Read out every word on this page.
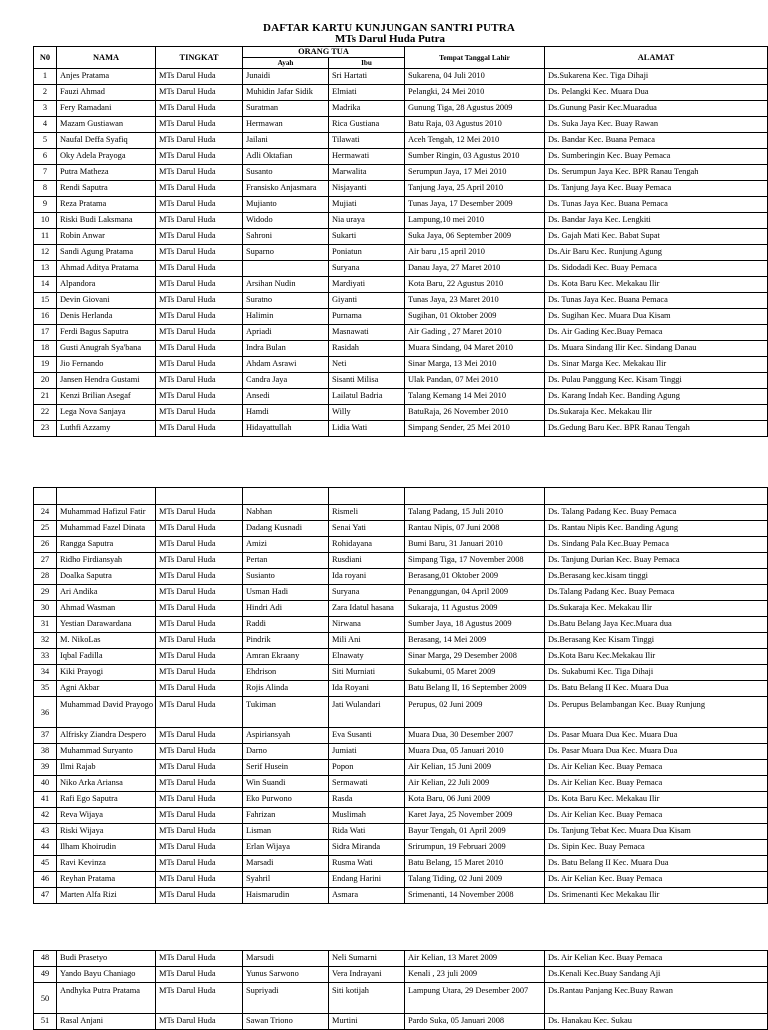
DAFTAR KARTU KUNJUNGAN SANTRI PUTRA
MTs Darul Huda Putra
N0	NAMA	TINGKAT	ORANG TUA		Tempat Tanggal Lahir	ALAMAT
			Ayah	Ibu		
1	Anjes Pratama	MTs Darul Huda	Junaidi	Sri Hartati	Sukarena, 04 Juli 2010	Ds.Sukarena Kec. Tiga Dihaji
2	Fauzi Ahmad	MTs Darul Huda	Muhidin Jafar Sidik	Elmiati	Pelangki, 24 Mei 2010	Ds. Pelangki Kec. Muara Dua
3	Fery Ramadani	MTs Darul Huda	Suratman	Madrika	Gunung Tiga, 28 Agustus 2009	Ds.Gunung Pasir Kec.Muaradua
4	Mazam Gustiawan	MTs Darul Huda	Hermawan	Rica Gustiana	Batu Raja, 03 Agustus 2010	Ds. Suka Jaya Kec. Buay Rawan
5	Naufal Deffa Syafiq	MTs Darul Huda	Jailani	Tilawati	Aceh Tengah, 12 Mei 2010	Ds. Bandar Kec. Buana Pemaca
6	Oky Adela Prayoga	MTs Darul Huda	Adli Oktafian	Hermawati	Sumber Ringin, 03 Agustus 2010	Ds. Sumberingin Kec. Buay Pemaca
7	Putra Matheza	MTs Darul Huda	Susanto	Marwalita	Serumpun Jaya, 17 Mei 2010	Ds. Serumpun Jaya Kec. BPR Ranau Tengah
8	Rendi Saputra	MTs Darul Huda	Fransisko Anjasmara	Nisjayanti	Tanjung Jaya, 25 April 2010	Ds. Tanjung Jaya Kec. Buay Pemaca
9	Reza Pratama	MTs Darul Huda	Mujianto	Mujiati	Tunas Jaya, 17 Desember 2009	Ds. Tunas Jaya Kec. Buana Pemaca
10	Riski Budi Laksmana	MTs Darul Huda	Widodo	Nia uraya	Lampung,10 mei 2010	Ds. Bandar Jaya Kec. Lengkiti
11	Robin Anwar	MTs Darul Huda	Sahroni	Sukarti	Suka Jaya, 06 September 2009	Ds. Gajah Mati Kec. Babat Supat
12	Sandi Agung Pratama	MTs Darul Huda	Suparno	Poniatun	Air baru ,15 april 2010	Ds.Air Baru Kec. Runjung Agung
13	Ahmad Aditya Pratama	MTs Darul Huda		Suryana	Danau Jaya, 27 Maret 2010	Ds. Sidodadi Kec. Buay Pemaca
14	Alpandora	MTs Darul Huda	Arsihan Nudin	Mardiyati	Kota Baru, 22 Agustus 2010	Ds. Kota Baru Kec. Mekakau Ilir
15	Devin Giovani	MTs Darul Huda	Suratno	Giyanti	Tunas Jaya, 23 Maret 2010	Ds. Tunas Jaya Kec. Buana Pemaca
16	Denis Herlanda	MTs Darul Huda	Halimin	Purnama	Sugihan, 01 Oktober 2009	Ds. Sugihan Kec. Muara Dua Kisam
17	Ferdi Bagus Saputra	MTs Darul Huda	Apriadi	Masnawati	Air Gading , 27 Maret 2010	Ds. Air Gading Kec.Buay Pemaca
18	Gusti Anugrah Sya'bana	MTs Darul Huda	Indra Bulan	Rasidah	Muara Sindang, 04 Maret 2010	Ds. Muara Sindang Ilir Kec. Sindang Danau
19	Jio Fernando	MTs Darul Huda	Ahdam Asrawi	Neti	Sinar Marga, 13 Mei 2010	Ds. Sinar Marga Kec. Mekakau Ilir
20	Jansen Hendra Gustami	MTs Darul Huda	Candra Jaya	Sisanti Milisa	Ulak Pandan, 07 Mei 2010	Ds. Pulau Panggung Kec. Kisam Tinggi
21	Kenzi Brilian Asegaf	MTs Darul Huda	Ansedi	Lailatul Badria	Talang Kemang 14 Mei 2010	Ds. Karang Indah Kec. Banding Agung
22	Lega Nova Sanjaya	MTs Darul Huda	Hamdi	Willy	BatuRaja, 26 November 2010	Ds.Sukaraja Kec. Mekakau Ilir
23	Luthfi Azzamy	MTs Darul Huda	Hidayattullah	Lidia Wati	Simpang Sender, 25 Mei 2010	Ds.Gedung Baru Kec. BPR Ranau Tengah

24	Muhammad Hafizul Fatir	MTs Darul Huda	Nabhan	Rismeli	Talang Padang, 15 Juli 2010	Ds. Talang Padang Kec. Buay Pemaca
25	Muhammad Fazel Dinata	MTs Darul Huda	Dadang Kusnadi	Senai Yati	Rantau Nipis, 07 Juni 2008	Ds. Rantau Nipis Kec. Banding Agung
26	Rangga Saputra	MTs Darul Huda	Amizi	Rohidayana	Bumi Baru, 31 Januari 2010	Ds. Sindang Pala Kec.Buay Pemaca
27	Ridho Firdiansyah	MTs Darul Huda	Pertan	Rusdiani	Simpang Tiga, 17 November 2008	Ds. Tanjung Durian Kec. Buay Pemaca
28	Doalka Saputra	MTs Darul Huda	Susianto	Ida royani	Berasang,01 Oktober 2009	Ds.Berasang kec.kisam tinggi
29	Ari Andika	MTs Darul Huda	Usman Hadi	Suryana	Penanggungan, 04 April 2009	Ds.Talang Padang Kec. Buay Pemaca
30	Ahmad Wasman	MTs Darul Huda	Hindri Adi	Zara Idatul hasana	Sukaraja, 11 Agustus 2009	Ds.Sukaraja Kec. Mekakau Ilir
31	Yestian Darawardana	MTs Darul Huda	Raddi	Nirwana	Sumber Jaya, 18 Agustus 2009	Ds.Batu Belang Jaya Kec.Muara dua
32	M. NikoLas	MTs Darul Huda	Pindrik	Mili Ani	Berasang, 14 Mei 2009	Ds.Berasang Kec Kisam Tinggi
33	Iqbal Fadilla	MTs Darul Huda	Amran Ekraany	Elnawaty	Sinar Marga, 29 Desember 2008	Ds.Kota Baru Kec.Mekakau Ilir
34	Kiki Prayogi	MTs Darul Huda	Ehdrison	Siti Murniati	Sukabumi, 05 Maret 2009	Ds. Sukabumi Kec. Tiga Dihaji
35	Agni Akbar	MTs Darul Huda	Rojis Alinda	Ida Royani	Batu Belang II, 16 September 2009	Ds. Batu Belang II Kec. Muara Dua
36	Muhammad David Prayogo	MTs Darul Huda	Tukiman	Jati Wulandari	Perupus, 02 Juni 2009	Ds. Perupus Belambangan Kec. Buay Runjung
37	Alfrisky Ziandra Despero	MTs Darul Huda	Aspiriansyah	Eva Susanti	Muara Dua, 30 Desember 2007	Ds. Pasar Muara Dua Kec. Muara Dua
38	Muhammad Suryanto	MTs Darul Huda	Darno	Jumiati	Muara Dua, 05 Januari 2010	Ds. Pasar Muara Dua Kec. Muara Dua
39	Ilmi Rajab	MTs Darul Huda	Serif Husein	Popon	Air Kelian, 15 Juni 2009	Ds. Air Kelian Kec. Buay Pemaca
40	Niko Arka Ariansa	MTs Darul Huda	Win Suandi	Sermawati	Air Kelian, 22 Juli 2009	Ds. Air Kelian Kec. Buay Pemaca
41	Rafi Ego Saputra	MTs Darul Huda	Eko Purwono	Rasda	Kota Baru, 06 Juni 2009	Ds. Kota Baru Kec. Mekakau Ilir
42	Reva Wijaya	MTs Darul Huda	Fahrizan	Muslimah	Karet Jaya, 25 November 2009	Ds. Air Kelian Kec. Buay Pemaca
43	Riski Wijaya	MTs Darul Huda	Lisman	Rida Wati	Bayur Tengah, 01 April 2009	Ds. Tanjung Tebat Kec. Muara Dua Kisam
44	Ilham Khoirudin	MTs Darul Huda	Erlan Wijaya	Sidra Miranda	Srirumpun, 19 Februari 2009	Ds. Sipin Kec. Buay Pemaca
45	Ravi Kevinza	MTs Darul Huda	Marsadi	Rusma Wati	Batu Belang, 15 Maret 2010	Ds. Batu Belang II Kec. Muara Dua
46	Reyhan Pratama	MTs Darul Huda	Syahril	Endang Harini	Talang Tiding, 02 Juni 2009	Ds. Air Kelian Kec. Buay Pemaca
47	Marten Alfa Rizi	MTs Darul Huda	Haismarudin	Asmara	Srimenanti, 14 November 2008	Ds. Srimenanti Kec Mekakau Ilir
48	Budi Prasetyo	MTs Darul Huda	Marsudi	Neli Sumarni	Air Kelian, 13 Maret 2009	Ds. Air Kelian Kec. Buay Pemaca
49	Yando Bayu Chaniago	MTs Darul Huda	Yunus Sarwono	Vera Indrayani	Kenali , 23 juli 2009	Ds.Kenali Kec.Buay Sandang Aji
50	Andhyka Putra Pratama	MTs Darul Huda	Supriyadi	Siti kotijah	Lampung Utara, 29 Desember 2007	Ds.Rantau Panjang Kec.Buay Rawan
51	Rasal Anjani	MTs Darul Huda	Sawan Triono	Murtini	Pardo Suka, 05 Januari 2008	Ds. Hanakau Kec. Sukau
